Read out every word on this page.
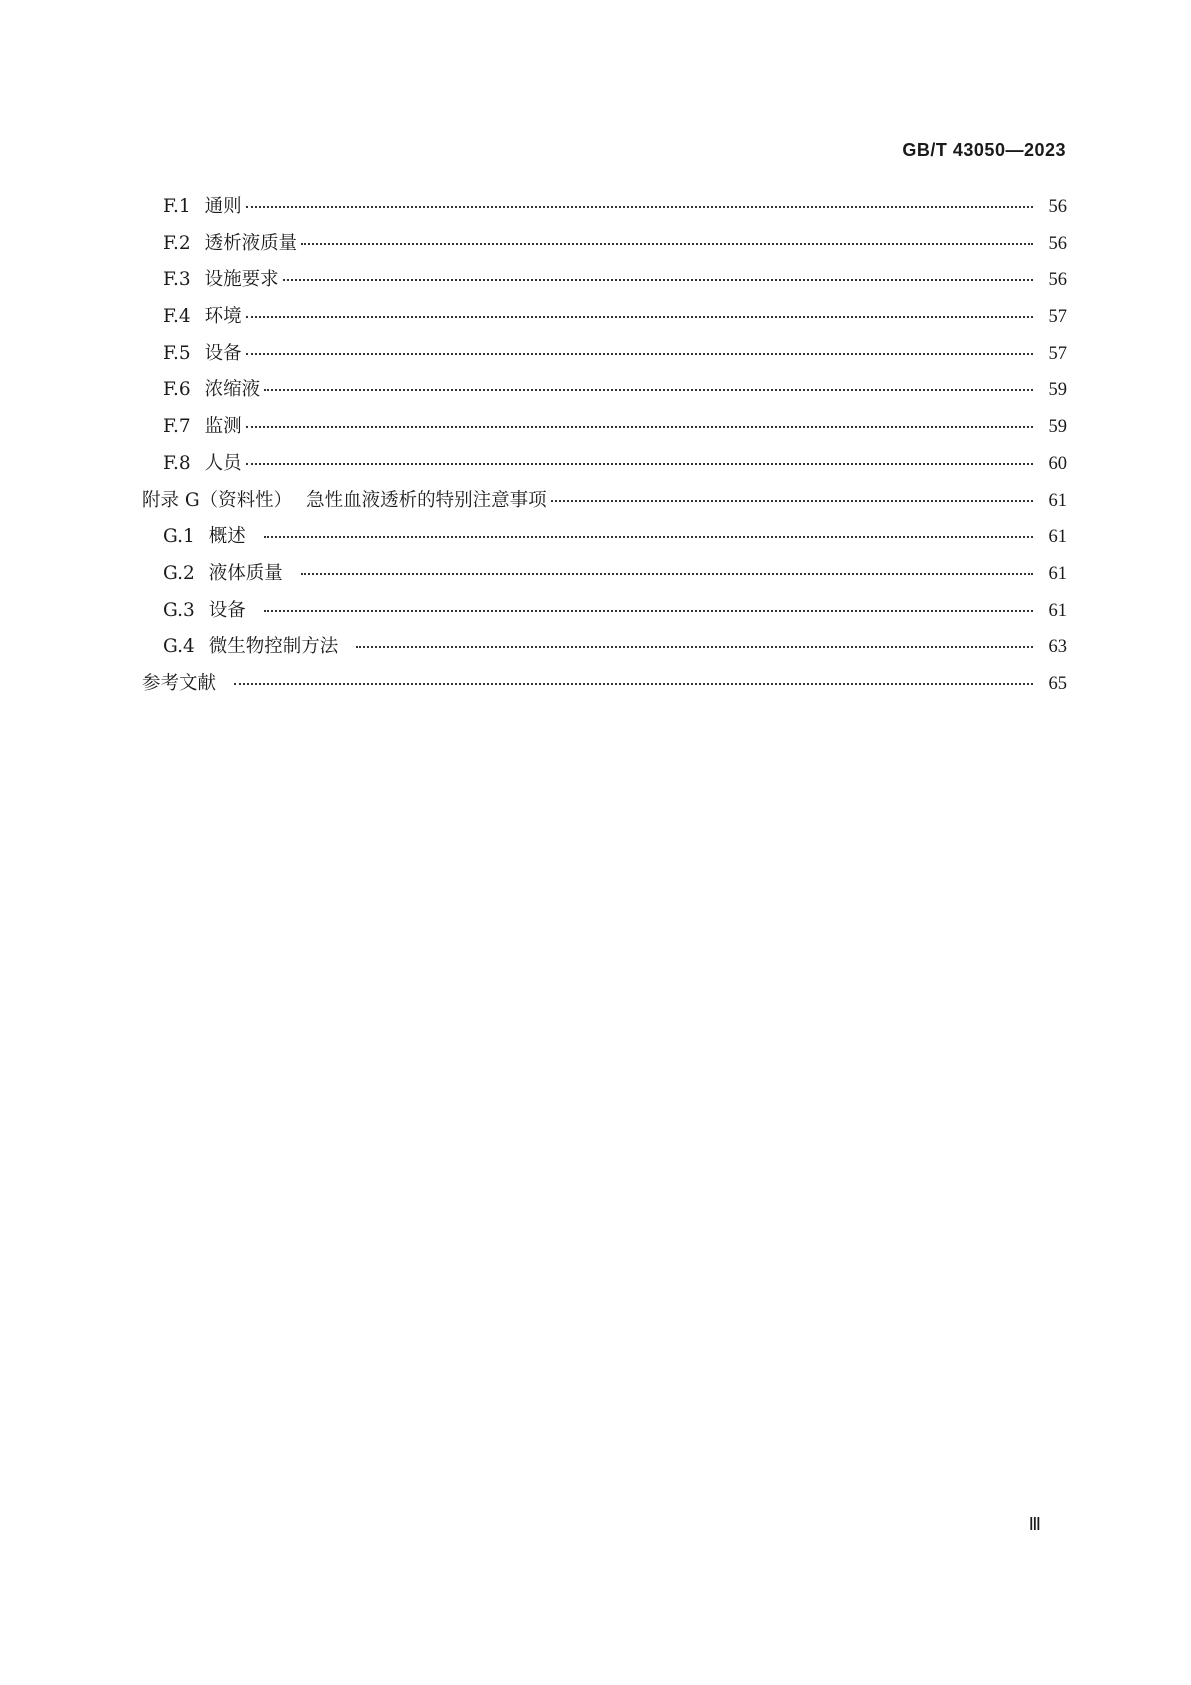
GB/T 43050—2023
F.1 通则	56
F.2 透析液质量	56
F.3 设施要求	56
F.4 环境	57
F.5 设备	57
F.6 浓缩液	59
F.7 监测	59
F.8 人员	60
附录 G（资料性） 急性血液透析的特别注意事项	61
G.1 概述	61
G.2 液体质量	61
G.3 设备	61
G.4 微生物控制方法	63
参考文献	65
Ⅲ
